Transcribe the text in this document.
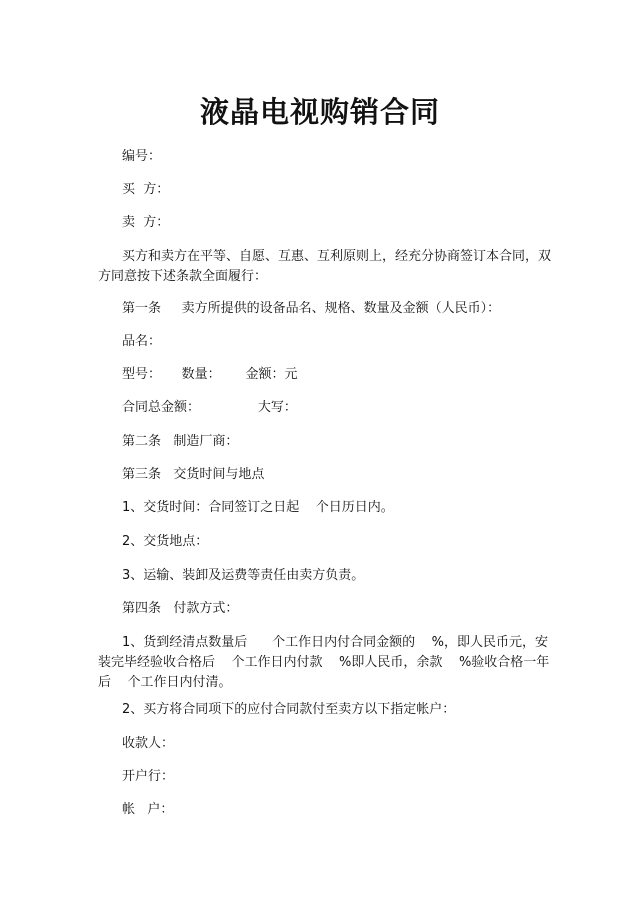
液晶电视购销合同
编号：
买  方：
卖  方：
买方和卖方在平等、自愿、互惠、互利原则上，经充分协商签订本合同，双
方同意按下述条款全面履行：
第一条     卖方所提供的设备品名、规格、数量及金额（人民币）：
品名：
型号：     数量：      金额：元
合同总金额：              大写：
第二条   制造厂商：
第三条   交货时间与地点
1、交货时间：合同签订之日起    个日历日内。
2、交货地点：
3、运输、装卸及运费等责任由卖方负责。
第四条   付款方式：
1、货到经清点数量后      个工作日内付合同金额的    %，即人民币元，安
装完毕经验收合格后    个工作日内付款    %即人民币，余款    %验收合格一年
后    个工作日内付清。
2、买方将合同项下的应付合同款付至卖方以下指定帐户：
收款人：
开户行：
帐   户：
